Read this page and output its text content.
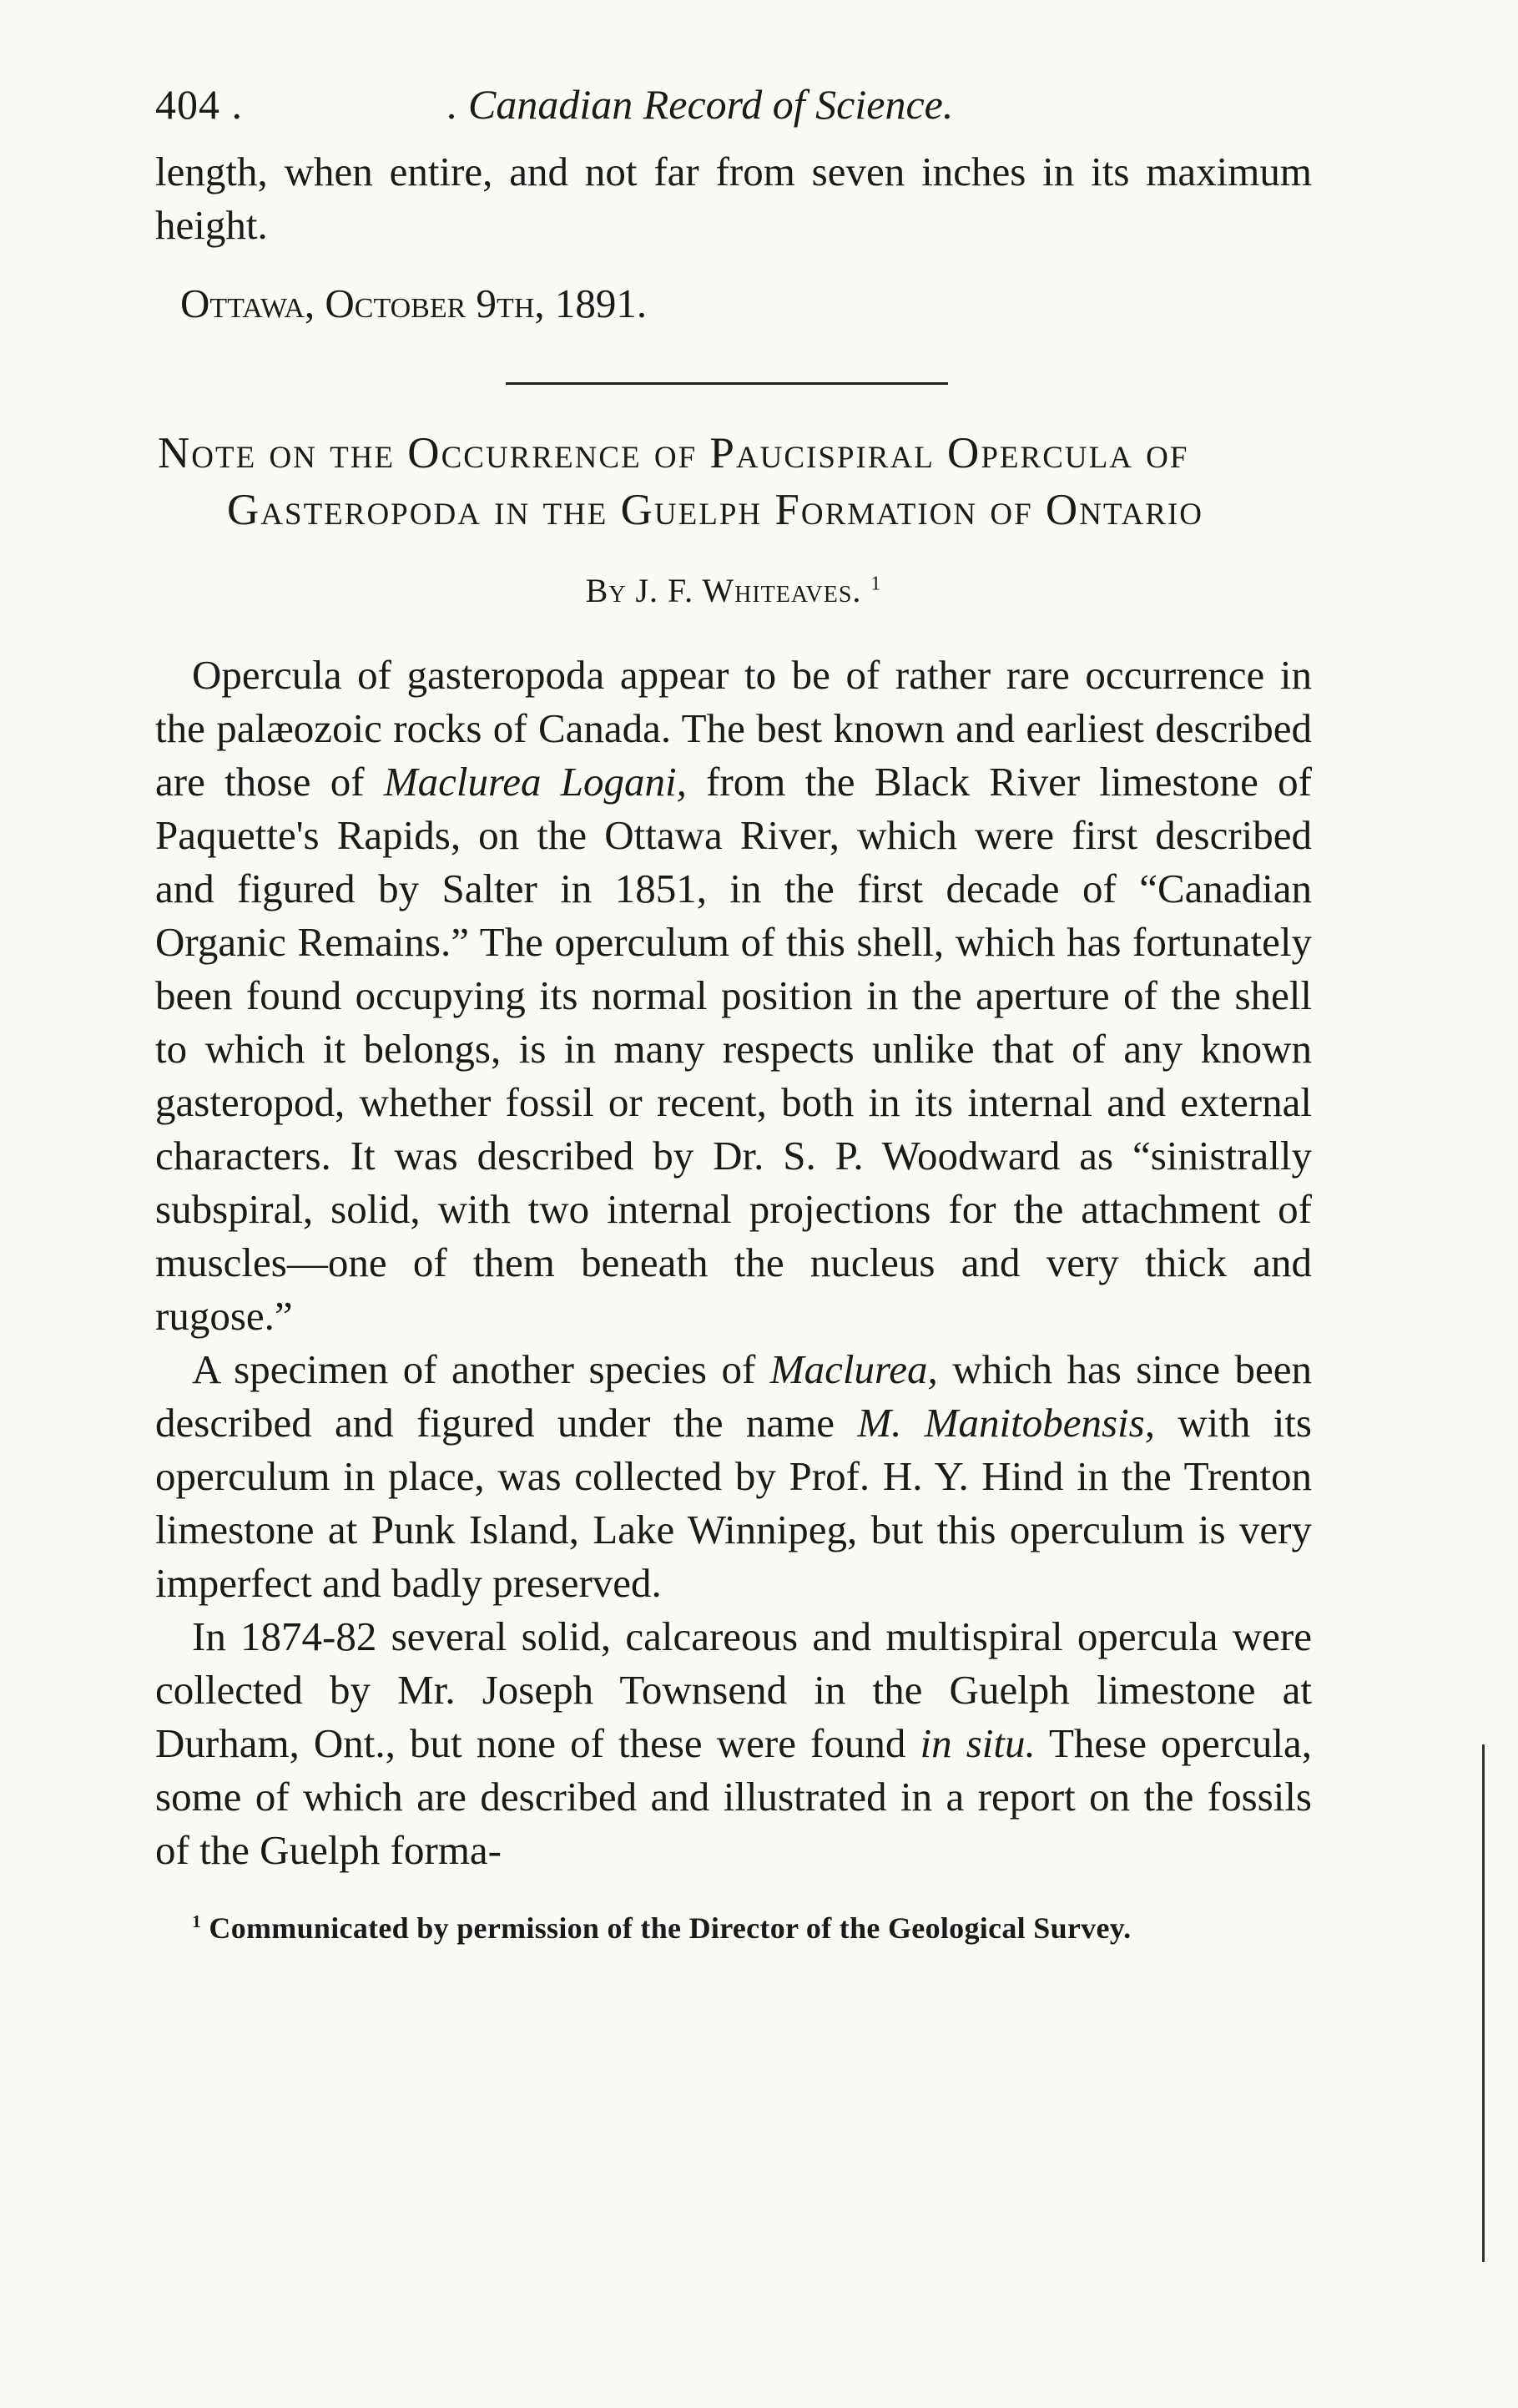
404 .	. Canadian Record of Science.

length, when entire, and not far from seven inches in its maximum height.

Ottawa, October 9th, 1891.

Note on the Occurrence of Paucispiral Opercula of Gasteropoda in the Guelph Formation of Ontario
By J. F. Whiteaves. $^1$

Opercula of gasteropoda appear to be of rather rare occurrence in the palæozoic rocks of Canada. The best known and earliest described are those of Maclurea Logani, from the Black River limestone of Paquette's Rapids, on the Ottawa River, which were first described and figured by Salter in 1851, in the first decade of “Canadian Organic Remains.” The operculum of this shell, which has fortunately been found occupying its normal position in the aperture of the shell to which it belongs, is in many respects unlike that of any known gasteropod, whether fossil or recent, both in its internal and external characters. It was described by Dr. S. P. Woodward as “sinistrally subspiral, solid, with two internal projections for the attachment of muscles—one of them beneath the nucleus and very thick and rugose.”

A specimen of another species of Maclurea, which has since been described and figured under the name M. Manitobensis, with its operculum in place, was collected by Prof. H. Y. Hind in the Trenton limestone at Punk Island, Lake Winnipeg, but this operculum is very imperfect and badly preserved.

In 1874-82 several solid, calcareous and multispiral opercula were collected by Mr. Joseph Townsend in the Guelph limestone at Durham, Ont., but none of these were found in situ. These opercula, some of which are described and illustrated in a report on the fossils of the Guelph forma-

$^1$ Communicated by permission of the Director of the Geological Survey.
